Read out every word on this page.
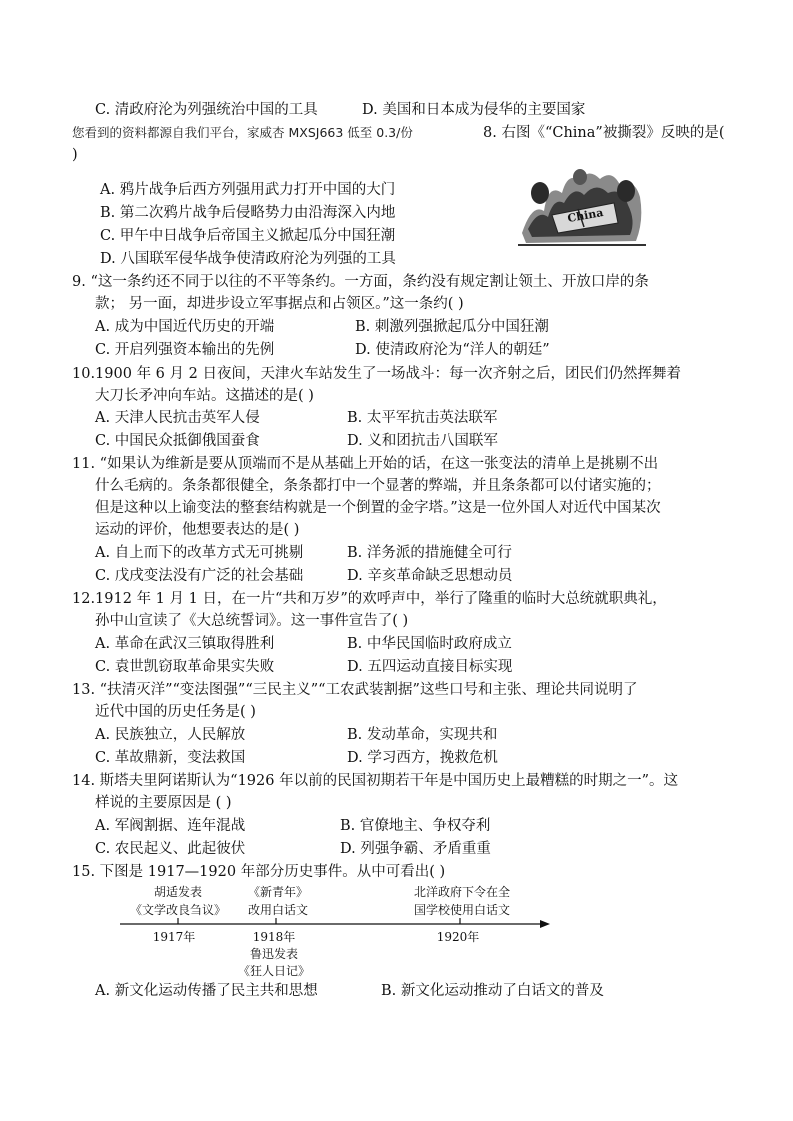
C. 清政府沦为列强统治中国的工具	D. 美国和日本成为侵华的主要国家
您看到的资料都源自我们平台，家威杏 MXSJ663 低至 0.3/份	8. 右图《“China”被撕裂》反映的是(
)
A. 鸦片战争后西方列强用武力打开中国的大门
B. 第二次鸦片战争后侵略势力由沿海深入内地
C. 甲午中日战争后帝国主义掀起瓜分中国狂潮
D. 八国联军侵华战争使清政府沦为列强的工具
China
9. “这一条约还不同于以往的不平等条约。一方面，条约没有规定割让领土、开放口岸的条
款； 另一面，却进步设立军事据点和占领区。”这一条约( )
A. 成为中国近代历史的开端	B. 刺激列强掀起瓜分中国狂潮
C. 开启列强资本输出的先例	D. 使清政府沦为“洋人的朝廷”
10.1900 年 6 月 2 日夜间，天津火车站发生了一场战斗：每一次齐射之后，团民们仍然挥舞着
大刀长矛冲向车站。这描述的是( )
A. 天津人民抗击英军人侵	B. 太平军抗击英法联军
C. 中国民众抵御俄国蚕食	D. 义和团抗击八国联军
11. “如果认为维新是要从顶端而不是从基础上开始的话，在这一张变法的清单上是挑剔不出
什么毛病的。条条都很健全，条条都打中一个显著的弊端，并且条条都可以付诸实施的；
但是这种以上谕变法的整套结构就是一个倒置的金字塔。”这是一位外国人对近代中国某次
运动的评价，他想要表达的是( )
A. 自上而下的改革方式无可挑剔	B. 洋务派的措施健全可行
C. 戊戌变法没有广泛的社会基础	D. 辛亥革命缺乏思想动员
12.1912 年 1 月 1 日，在一片“共和万岁”的欢呼声中，举行了隆重的临时大总统就职典礼，
孙中山宣读了《大总统誓词》。这一事件宣告了( )
A. 革命在武汉三镇取得胜利	B. 中华民国临时政府成立
C. 袁世凯窃取革命果实失败	D. 五四运动直接目标实现
13. “扶清灭洋”“变法图强”“三民主义”“工农武装割据”这些口号和主张、理论共同说明了
近代中国的历史任务是( )
A. 民族独立，人民解放	B. 发动革命，实现共和
C. 革故鼎新，变法救国	D. 学习西方，挽救危机
14. 斯塔夫里阿诺斯认为“1926 年以前的民国初期若干年是中国历史上最糟糕的时期之一”。这
样说的主要原因是 ( )
A. 军阀割据、连年混战	B. 官僚地主、争权夺利
C. 农民起义、此起彼伏	D. 列强争霸、矛盾重重
15. 下图是 1917—1920 年部分历史事件。从中可看出( )
胡适发表
《文学改良刍议》
《新青年》
改用白话文
北洋政府下令在全
国学校使用白话文
1917年	1918年	1920年
鲁迅发表
《狂人日记》
A. 新文化运动传播了民主共和思想	B. 新文化运动推动了白话文的普及
